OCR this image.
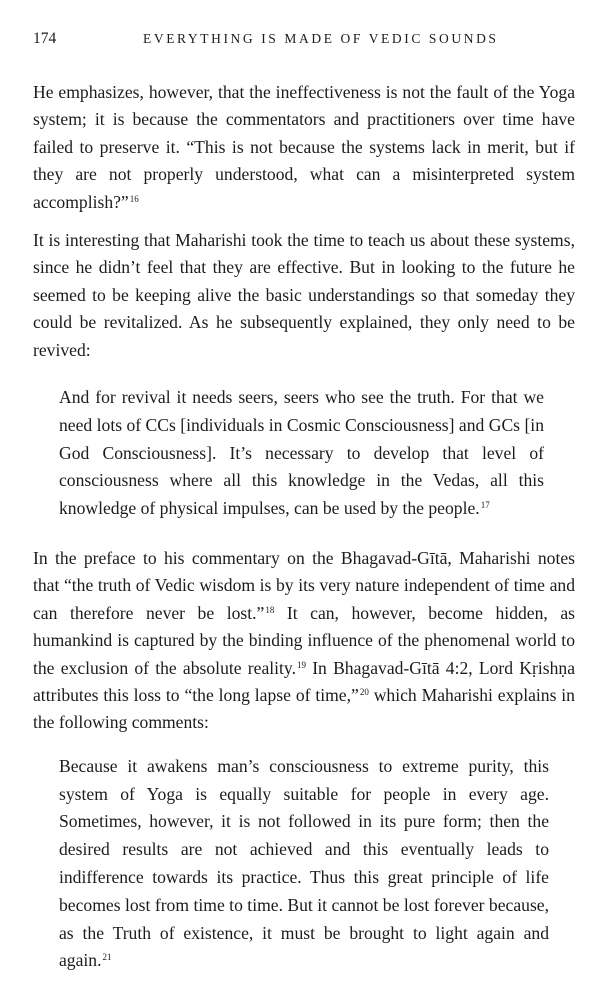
174	EVERYTHING IS MADE OF VEDIC SOUNDS

He emphasizes, however, that the ineffectiveness is not the fault of the Yoga system; it is because the commentators and practitioners over time have failed to preserve it. “This is not because the systems lack in merit, but if they are not properly understood, what can a misinterpreted system accomplish?”$^{16}$

It is interesting that Maharishi took the time to teach us about these systems, since he didn’t feel that they are effective. But in looking to the future he seemed to be keeping alive the basic understandings so that someday they could be revitalized. As he subsequently explained, they only need to be revived:

And for revival it needs seers, seers who see the truth. For that we need lots of CCs [individuals in Cosmic Consciousness] and GCs [in God Consciousness]. It’s necessary to develop that level of consciousness where all this knowledge in the Vedas, all this knowledge of physical impulses, can be used by the people.$^{17}$

In the preface to his commentary on the Bhagavad-Gītā, Maharishi notes that “the truth of Vedic wisdom is by its very nature independent of time and can therefore never be lost.”$^{18}$ It can, however, become hidden, as humankind is captured by the binding influence of the phenomenal world to the exclusion of the absolute reality.$^{19}$ In Bhagavad-Gītā 4:2, Lord Kṛishṇa attributes this loss to “the long lapse of time,”$^{20}$ which Maharishi explains in the following comments:

Because it awakens man’s consciousness to extreme purity, this system of Yoga is equally suitable for people in every age. Sometimes, however, it is not followed in its pure form; then the desired results are not achieved and this eventually leads to indifference towards its practice. Thus this great principle of life becomes lost from time to time. But it cannot be lost forever because, as the Truth of existence, it must be brought to light again and again.$^{21}$
